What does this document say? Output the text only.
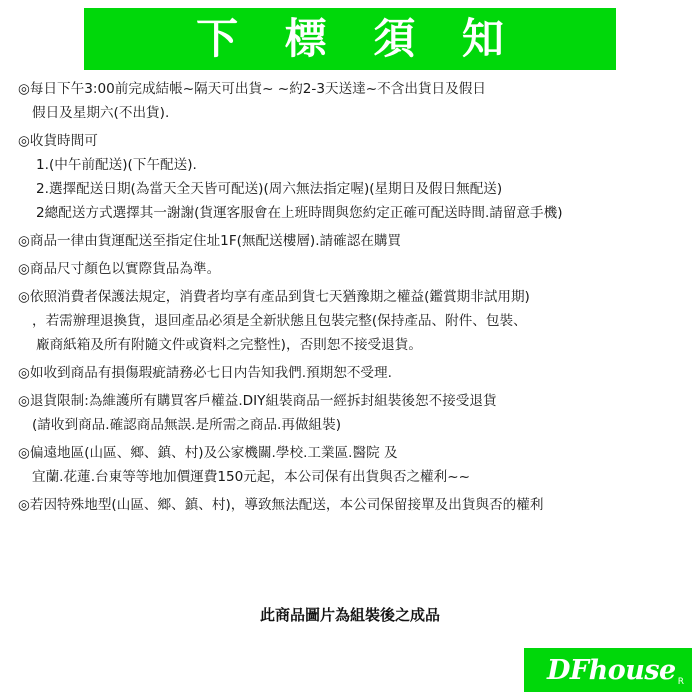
下 標 須 知

◎每日下午3:00前完成結帳~隔天可出貨~ ~約2-3天送達~不含出貨日及假日

假日及星期六(不出貨).

◎收貨時間可

1.(中午前配送)(下午配送).

2.選擇配送日期(為當天全天皆可配送)(周六無法指定喔)(星期日及假日無配送)

2總配送方式選擇其一謝謝(貨運客服會在上班時間與您約定正確可配送時間.請留意手機)

◎商品一律由貨運配送至指定住址1F(無配送樓層).請確認在購買

◎商品尺寸顏色以實際貨品為準。

◎依照消費者保護法規定，消費者均享有產品到貨七天猶豫期之權益(鑑賞期非試用期)

，若需辦理退換貨，退回產品必須是全新狀態且包裝完整(保持產品、附件、包裝、

廠商紙箱及所有附隨文件或資料之完整性)，否則恕不接受退貨。

◎如收到商品有損傷瑕疵請務必七日内告知我們.預期恕不受理.

◎退貨限制:為維護所有購買客戶權益.DIY組裝商品一經拆封組裝後恕不接受退貨

(請收到商品.確認商品無誤.是所需之商品.再做組裝)

◎偏遠地區(山區、鄉、鎮、村)及公家機關.學校.工業區.醫院 及

宜蘭.花蓮.台東等等地加價運費150元起，本公司保有出貨與否之權利~~

◎若因特殊地型(山區、鄉、鎮、村)，導致無法配送，本公司保留接單及出貨與否的權利

此商品圖片為組裝後之成品
DFhouse R
